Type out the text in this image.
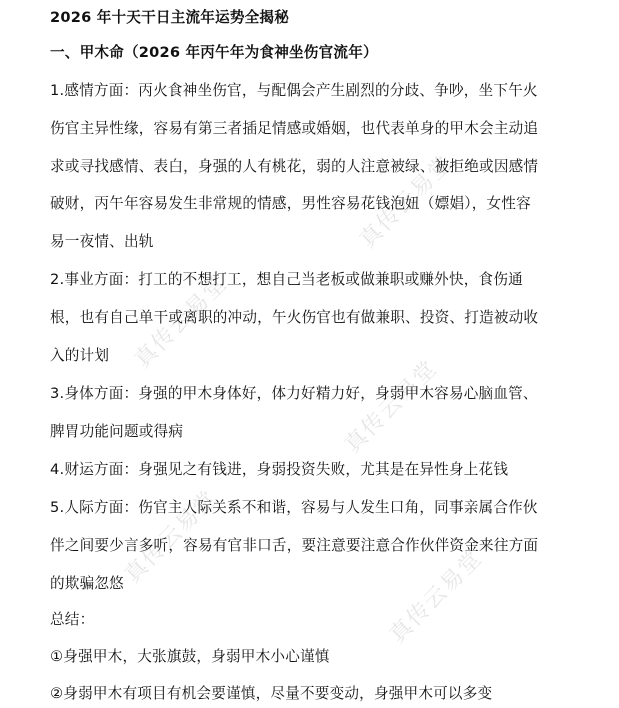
真传云易堂
真传云易堂
真传云易堂
真传云易堂
真传云易堂
2026 年十天干日主流年运势全揭秘
一、甲木命（2026 年丙午年为食神坐伤官流年）
1.感情方面：丙火食神坐伤官，与配偶会产生剧烈的分歧、争吵，坐下午火
伤官主异性缘，容易有第三者插足情感或婚姻，也代表单身的甲木会主动追
求或寻找感情、表白，身强的人有桃花，弱的人注意被绿、被拒绝或因感情
破财，丙午年容易发生非常规的情感，男性容易花钱泡妞（嫖娼），女性容
易一夜情、出轨
2.事业方面：打工的不想打工，想自己当老板或做兼职或赚外快，食伤通
根，也有自己单干或离职的冲动，午火伤官也有做兼职、投资、打造被动收
入的计划
3.身体方面：身强的甲木身体好，体力好精力好，身弱甲木容易心脑血管、
脾胃功能问题或得病
4.财运方面：身强见之有钱进，身弱投资失败，尤其是在异性身上花钱
5.人际方面：伤官主人际关系不和谐，容易与人发生口角，同事亲属合作伙
伴之间要少言多听，容易有官非口舌，要注意要注意合作伙伴资金来往方面
的欺骗忽悠
总结：
①身强甲木，大张旗鼓，身弱甲木小心谨慎
②身弱甲木有项目有机会要谨慎，尽量不要变动，身强甲木可以多变
